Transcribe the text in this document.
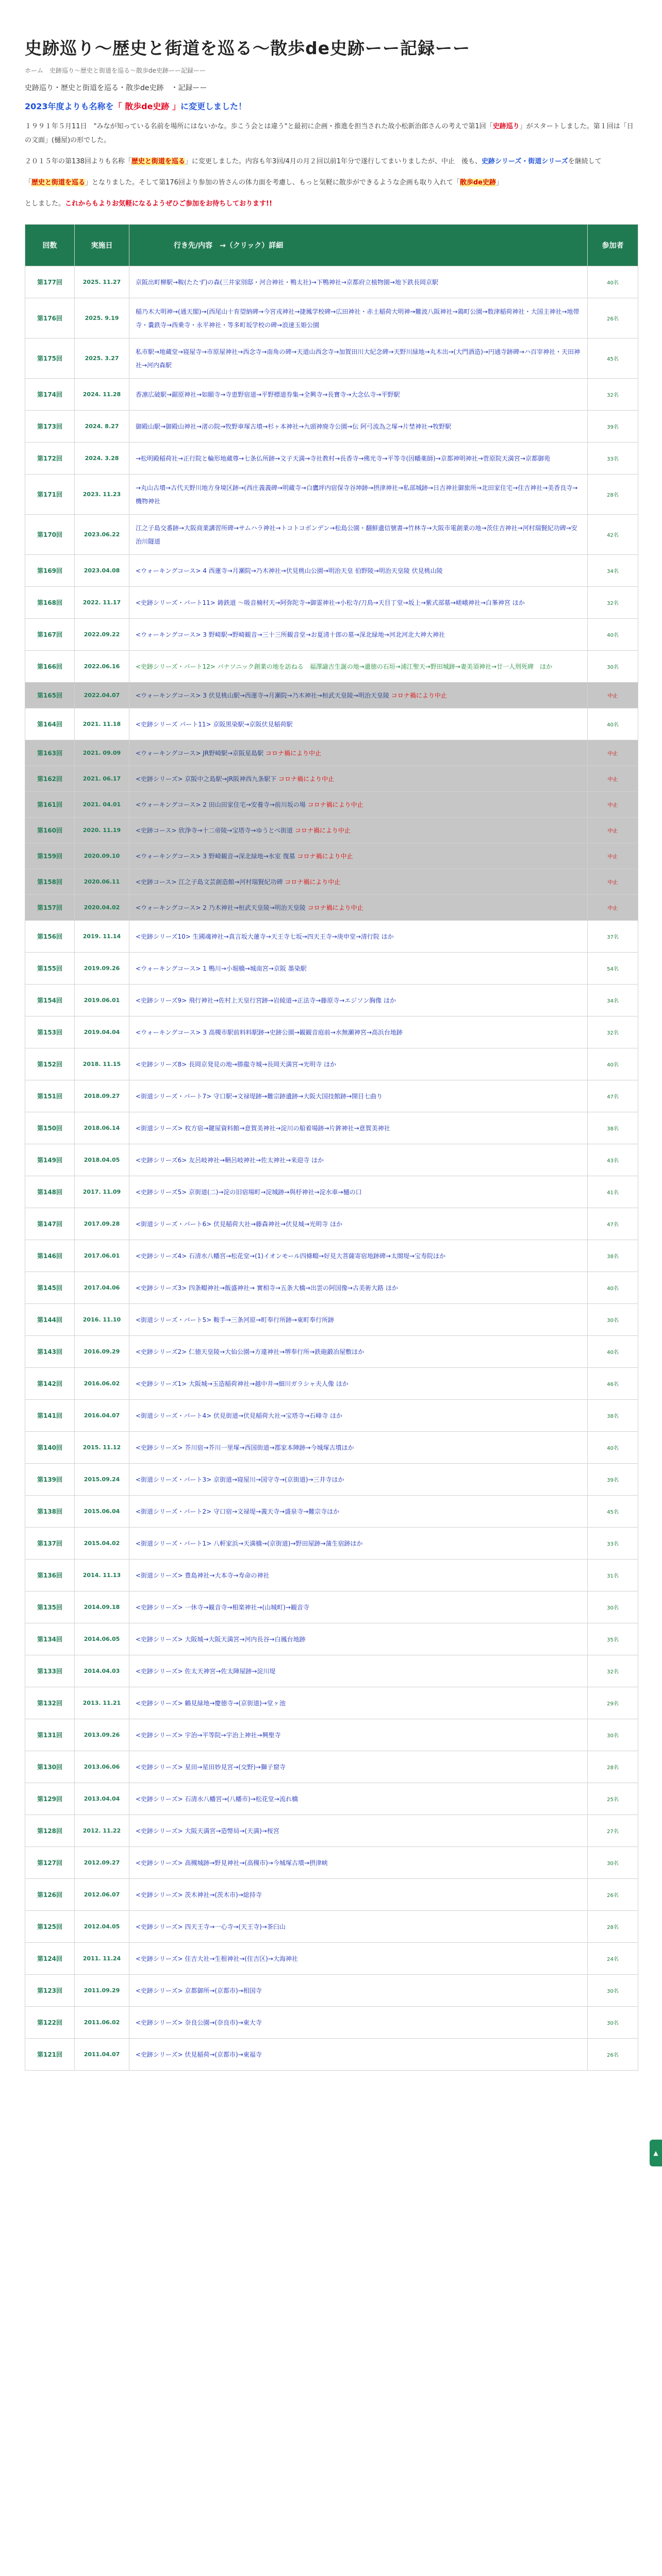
史跡巡り～歴史と街道を巡る～散歩de史跡ーー記録ーー
ホーム　史跡巡り〜歴史と街道を巡る〜散歩de史跡ーー記録ーー
史跡巡り・歴史と街道を巡る・散歩de史跡　・記録ーー
2023年度よりも名称を「 散歩de史跡 」に変更しました！
１９９１年５月11日　"みなが知っている名前を場所にはないかな。歩こう会とは違う"と最初に企画・推進を担当された故小松新治郎さんの考えで第1回「史跡巡り」がスタートしました。第１回は「日の文面」(樋屋)の形でした。
２０１５年の第138回よりも名称「歴史と街道を巡る」に変更しました。内容も年3回/4月の月２回以前1年分で遂行してまいりましたが、中止　後も、史跡シリーズ・街道シリーズを継続して
「歴史と街道を巡る」となりました。そして第176回より参加の皆さんの体力面を考慮し、もっと気軽に散歩ができるような企画も取り入れて「散歩de史跡」
としました。これからもよりお気軽になるようぜひご参加をお待ちしております!!
回数	実施日	行き先/内容　→（クリック）詳細	参加者
第177回	2025. 11.27	京阪出町柳駅→鞍(たたず)の森(三井家別邸・河合神社・鴨太社)→下鴨神社→京都府立植物園→地下鉄長岡京駅	40名
第176回	2025. 9.19	稲乃木大明神→(通天閣)→(西尾山十育望納碑→今宮戎神社→捷鳳学校碑→広田神社・赤土稲荷大明神→難波八阪神社→鶏町公園→数津稲荷神社・大国主神社→地帯寺・嚢鉄寺→西乗寺・永平神社・等多町坂学校の碑→浪速玉姫公園	26名
第175回	2025. 3.27	私市駅→地蔵堂→寝屋寺→市原屋神社→西念寺→南角の碑→天道山西念寺→加賀田川大紀念碑→天野川緑地→丸木出→(大門酒造)→円通寺跡碑→ハ百宰神社・天田神社→河内森駅	45名
第174回	2024. 11.28	香凛広破駅→鋸原神社→如願寺→寺恵野宿道→平野標道券集→全興寺→長寶寺→大念仏寺→平野駅	32名
第173回	2024. 8.27	御殿山駅→御殿山神社→渚の院→牧野車塚古墳→杉ヶ本神社→九頭神廃寺公園→伝 阿弓流為之塚→片埜神社→牧野駅	39名
第172回	2024. 3.28	→松明殿稲荷社→正行院と輪形地蔵尊→七条仏所跡→文子天満→寺社教村→長香寺→佛光寺→平等寺(因幡薬師)→京都神明神社→菅原院天満宮→京都御苑	33名
第171回	2023. 11.23	→丸山古墳→古代天野川地方身境区跡→(西庄義義碑→明蔵寺→白鷹坪内宿保寺谷坤跡→摂津神社→私部城跡→日吉神社御旅所→北田家住宅→住吉神社→美香良寺→機物神社	28名
第170回	2023.06.22	江之子島交番跡→大阪商業講習所碑→サムハラ神社→トコトコボンデン→松島公園・翻鮮遺信號書→竹林寺→大阪市電創業の地→茨住吉神社→河村瑞賢紀功碑→安治川隧道	42名
第169回	2023.04.08	<ウォーキングコース> 4 西蓮寺→月瀬院→乃木神社→伏見桃山公園→明治天皇 伯野陵→明治天皇陵 伏見桃山陵	34名
第168回	2022. 11.17	<史跡シリーズ・パート11> 鋳鉄道 ～吸音楠村天→阿弥陀寺→御霊神社→小松寺/刀鳥→天目丁堂→坂上→紫式部墓→嵯峨神社→白峯神宮 ほか	32名
第167回	2022.09.22	<ウォーキングコース> 3 野崎駅→野崎観音→三十三所観音堂→お夏清十郎の墓→深北緑地→河北河北大神大神社	40名
第166回	2022.06.16	<史跡シリーズ・パート12> バナソニック創業の地を訪ねる　福澤諭吉生誕の地→遺徳の石垣→浦江聖天→野田城跡→妻美須神社→廿一人刑死碑　ほか	30名
第165回	2022.04.07	<ウォーキングコース> 3 伏見桃山駅→西運寺→月瀬院→乃木神社→桓武天皇陵→明治天皇陵 コロナ禍により中止	中止
第164回	2021. 11.18	<史跡シリーズ パート11> 京阪黒染駅→京阪伏見稲荷駅	40名
第163回	2021. 09.09	<ウォーキングコース> JR野崎駅→京阪星島駅 コロナ禍により中止	中止
第162回	2021. 06.17	<史跡シリーズ> 京阪中之島駅→JR阪神西九条駅下 コロナ禍により中止	中止
第161回	2021. 04.01	<ウォーキングコース> 2 田山田家住宅→安養寺→前川坂の場 コロナ禍により中止	中止
第160回	2020. 11.19	<史跡コース> 欣浄寺→十二帝陵→宝塔寺→ゆうとべ街道 コロナ禍により中止	中止
第159回	2020.09.10	<ウォーキングコース> 3 野崎観音→深北緑地→氷室 復墓 コロナ禍により中止	中止
第158回	2020.06.11	<史跡コース> 江之子島文芸創造館→河村瑞賢紀功碑 コロナ禍により中止	中止
第157回	2020.04.02	<ウォーキングコース> 2 乃木神社→桓武天皇陵→明治天皇陵 コロナ禍により中止	中止
第156回	2019. 11.14	<史跡シリーズ10> 生國魂神社→真言坂大蓮寺→天王寺七坂→四天王寺→庚申堂→清行院 ほか	37名
第155回	2019.09.26	<ウォーキングコース> 1 鴨川→小堀橋→城南宮→京阪 墨染駅	54名
第154回	2019.06.01	<史跡シリーズ9> 飛行神社→佐村上天皇行宮跡→岩綾道→正法寺→藤原寺→エジソン胸像 ほか	34名
第153回	2019.04.04	<ウォーキングコース> 3 高槻市駅前料料駅跡→史跡公園→観観音庭前→水無瀬神宮→高浜台地跡	32名
第152回	2018. 11.15	<史跡シリーズ8> 長岡京発見の地→勝龍寺城→長岡天満宮→光明寺 ほか	40名
第151回	2018.09.27	<街道シリーズ・パート7> 守口駅→文禄堤跡→難宗跡遺跡→大阪大国技館跡→開目七曲り	47名
第150回	2018.06.14	<街道シリーズ> 枚方宿→鍵屋資料館→意賀美神社→淀川の船着場跡→片鉾神社→意賀美神社	38名
第149回	2018.04.05	<史跡シリーズ6> 友呂岐神社→鞆呂岐神社→佐太神社→来迎寺 ほか	43名
第148回	2017. 11.09	<史跡シリーズ5> 京街道(二)→淀の旧宿場町→淀城跡→與杼神社→淀水車→樋の口	41名
第147回	2017.09.28	<街道シリーズ・パート6> 伏見稲荷大社→藤森神社→伏見城→光明寺 ほか	47名
第146回	2017.06.01	<史跡シリーズ4> 石清水八幡宮→松花堂→(1)イオンモール四條畷→好見大菩薩寄宿地跡碑→太閤堤→宝寿院ほか	38名
第145回	2017.04.06	<史跡シリーズ3> 四条畷神社→飯盛神社→ 實相寺→五条大橋→出雲の阿国像→古美術大路 ほか	40名
第144回	2016. 11.10	<街道シリーズ・パート5> 鞍手→三条河原→町奉行所跡→東町奉行所跡	30名
第143回	2016.09.29	<史跡シリーズ2> 仁徳天皇陵→大仙公園→方違神社→堺奉行所→鉄砲鍛冶屋敷ほか	40名
第142回	2016.06.02	<史跡シリーズ1> 大阪城→玉造稲荷神社→越中井→細川ガラシャ夫人像 ほか	46名
第141回	2016.04.07	<街道シリーズ・パート4> 伏見街道→伏見稲荷大社→宝塔寺→石峰寺 ほか	38名
第140回	2015. 11.12	<史跡シリーズ> 芥川宿→芥川一里塚→西国街道→郡家本陣跡→今城塚古墳ほか	40名
第139回	2015.09.24	<街道シリーズ・パート3> 京街道→寝屋川→国守寺→(京街道)→三井寺ほか	39名
第138回	2015.06.04	<街道シリーズ・パート2> 守口宿→文禄堤→義天寺→盛泉寺→難宗寺ほか	45名
第137回	2015.04.02	<街道シリーズ・パート1> 八軒家浜→天満橋→(京街道)→野田屋跡→蒲生宿跡ほか	33名
第136回	2014. 11.13	<街道シリーズ> 豊島神社→大本寺→寿命の神社	31名
第135回	2014.09.18	<史跡シリーズ> 一休寺→観音寺→相楽神社→(山城町)→観音寺	30名
第134回	2014.06.05	<史跡シリーズ> 大阪城→大阪天満宮→河内長谷→白鳳台地跡	35名
第133回	2014.04.03	<史跡シリーズ> 佐太天神宮→佐太陣屋跡→淀川堤	32名
第132回	2013. 11.21	<史跡シリーズ> 鶴見緑地→慶徳寺→(京街道)→堂ヶ池	29名
第131回	2013.09.26	<史跡シリーズ> 宇治→平等院→宇治上神社→興聖寺	30名
第130回	2013.06.06	<史跡シリーズ> 星田→星田妙見宮→(交野)→獅子窟寺	28名
第129回	2013.04.04	<史跡シリーズ> 石清水八幡宮→(八幡市)→松花堂→流れ橋	25名
第128回	2012. 11.22	<史跡シリーズ> 大阪天満宮→造幣局→(天満)→桜宮	27名
第127回	2012.09.27	<史跡シリーズ> 高槻城跡→野見神社→(高槻市)→今城塚古墳→摂津峡	30名
第126回	2012.06.07	<史跡シリーズ> 茨木神社→(茨木市)→総持寺	26名
第125回	2012.04.05	<史跡シリーズ> 四天王寺→一心寺→(天王寺)→茶臼山	28名
第124回	2011. 11.24	<史跡シリーズ> 住吉大社→生根神社→(住吉区)→大海神社	24名
第123回	2011.09.29	<史跡シリーズ> 京都御所→(京都市)→相国寺	30名
第122回	2011.06.02	<史跡シリーズ> 奈良公園→(奈良市)→東大寺	30名
第121回	2011.04.07	<史跡シリーズ> 伏見稲荷→(京都市)→東福寺	26名
▲
